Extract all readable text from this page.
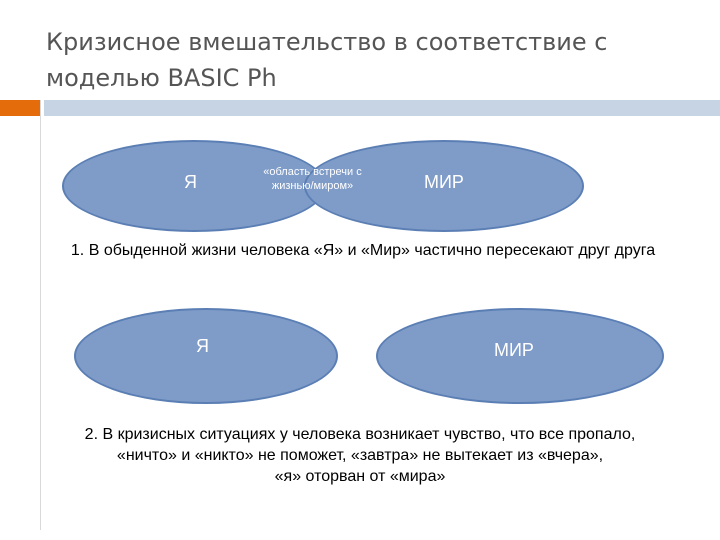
Кризисное вмешательство в соответствие с моделью BASIC Ph
Я	МИР
«область встречи с
жизнью/миром»
1. В обыденной жизни человека «Я» и «Мир» частично пересекают друг друга
Я	МИР
2. В кризисных ситуациях у человека возникает чувство, что все пропало,
«ничто» и «никто» не поможет, «завтра» не вытекает из «вчера»,
«я» оторван от «мира»
